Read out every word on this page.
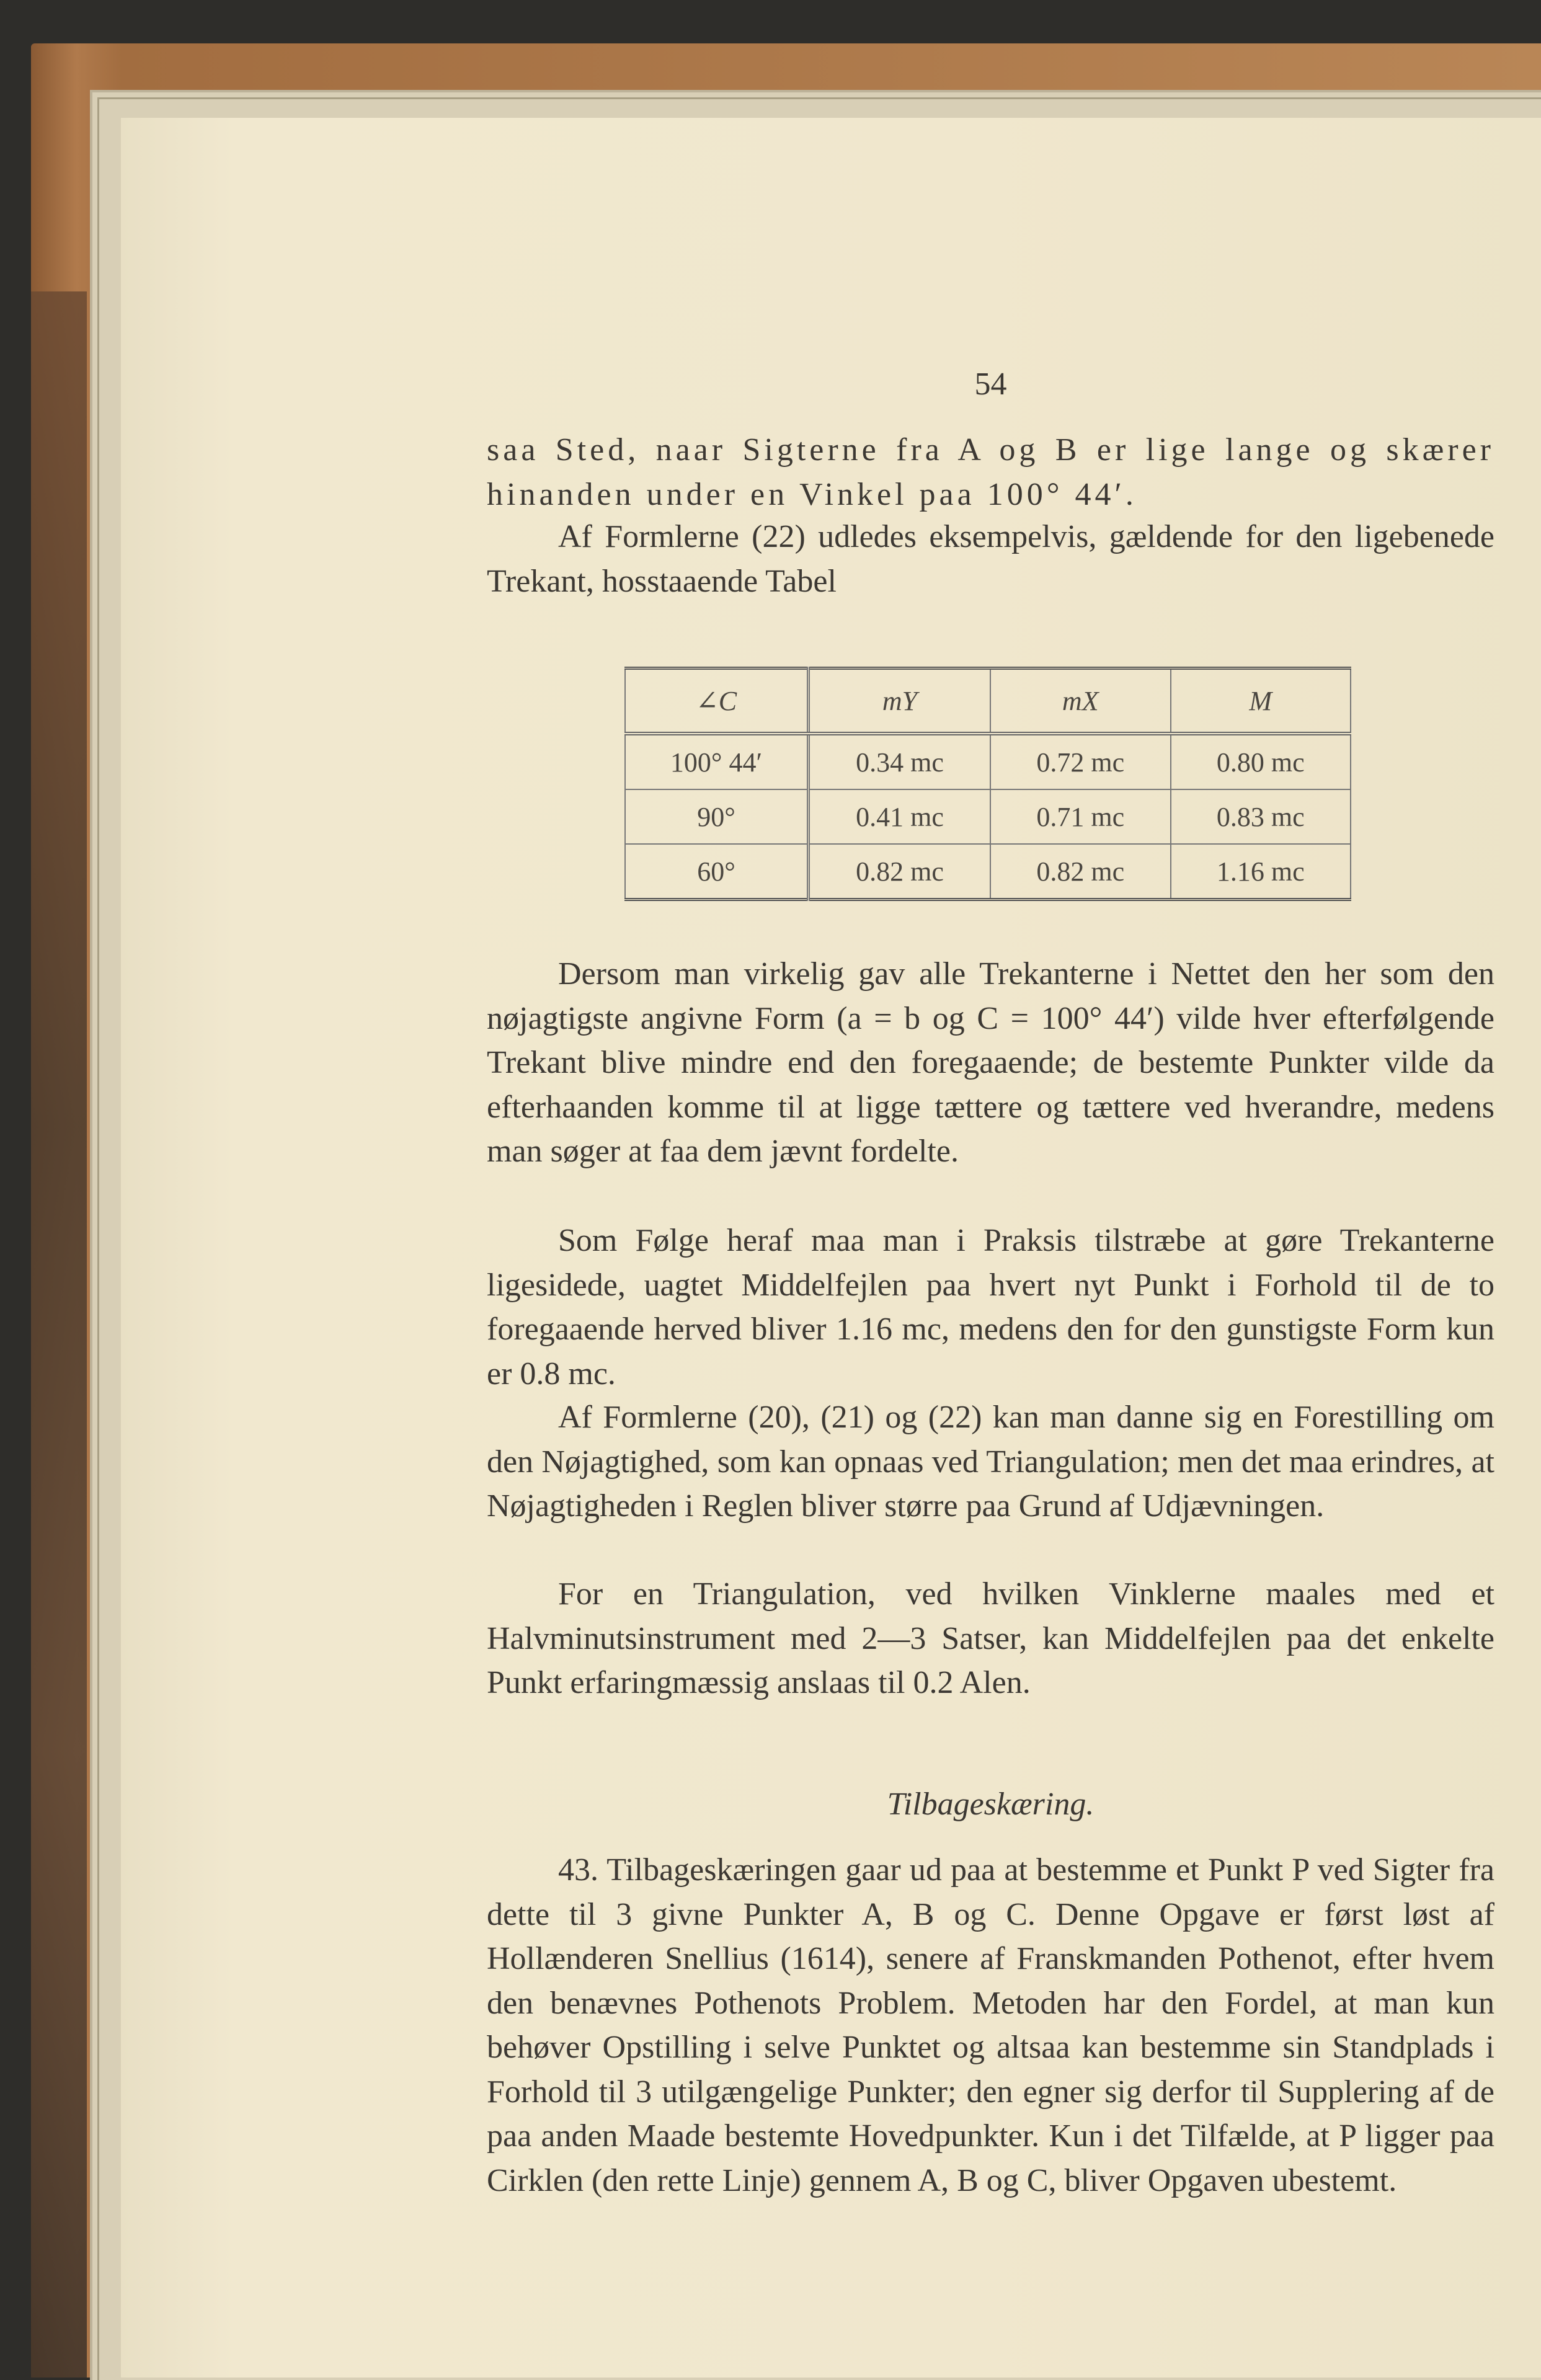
54

saa Sted, naar Sigterne fra A og B er lige lange og skærer hinanden under en Vinkel paa 100° 44′.

Af Formlerne (22) udledes eksempelvis, gældende for den ligebenede Trekant, hosstaaende Tabel

∠C	mY	mX	M
100° 44′	0.34 mc	0.72 mc	0.80 mc
90°	0.41 mc	0.71 mc	0.83 mc
60°	0.82 mc	0.82 mc	1.16 mc

Dersom man virkelig gav alle Trekanterne i Nettet den her som den nøjagtigste angivne Form (a = b og C = 100° 44′) vilde hver efterfølgende Trekant blive mindre end den foregaaende; de bestemte Punkter vilde da efterhaanden komme til at ligge tættere og tættere ved hverandre, medens man søger at faa dem jævnt fordelte.

Som Følge heraf maa man i Praksis tilstræbe at gøre Trekanterne ligesidede, uagtet Middelfejlen paa hvert nyt Punkt i Forhold til de to foregaaende herved bliver 1.16 mc, medens den for den gunstigste Form kun er 0.8 mc.

Af Formlerne (20), (21) og (22) kan man danne sig en Forestilling om den Nøjagtighed, som kan opnaas ved Triangulation; men det maa erindres, at Nøjagtigheden i Reglen bliver større paa Grund af Udjævningen.

For en Triangulation, ved hvilken Vinklerne maales med et Halvminutsinstrument med 2—3 Satser, kan Middelfejlen paa det enkelte Punkt erfaringmæssig anslaas til 0.2 Alen.

Tilbageskæring.

43. Tilbageskæringen gaar ud paa at bestemme et Punkt P ved Sigter fra dette til 3 givne Punkter A, B og C. Denne Opgave er først løst af Hollænderen Snellius (1614), senere af Franskmanden Pothenot, efter hvem den benævnes Pothenots Problem. Metoden har den Fordel, at man kun behøver Opstilling i selve Punktet og altsaa kan bestemme sin Standplads i Forhold til 3 utilgængelige Punkter; den egner sig derfor til Supplering af de paa anden Maade bestemte Hovedpunkter. Kun i det Tilfælde, at P ligger paa Cirklen (den rette Linje) gennem A, B og C, bliver Opgaven ubestemt.
